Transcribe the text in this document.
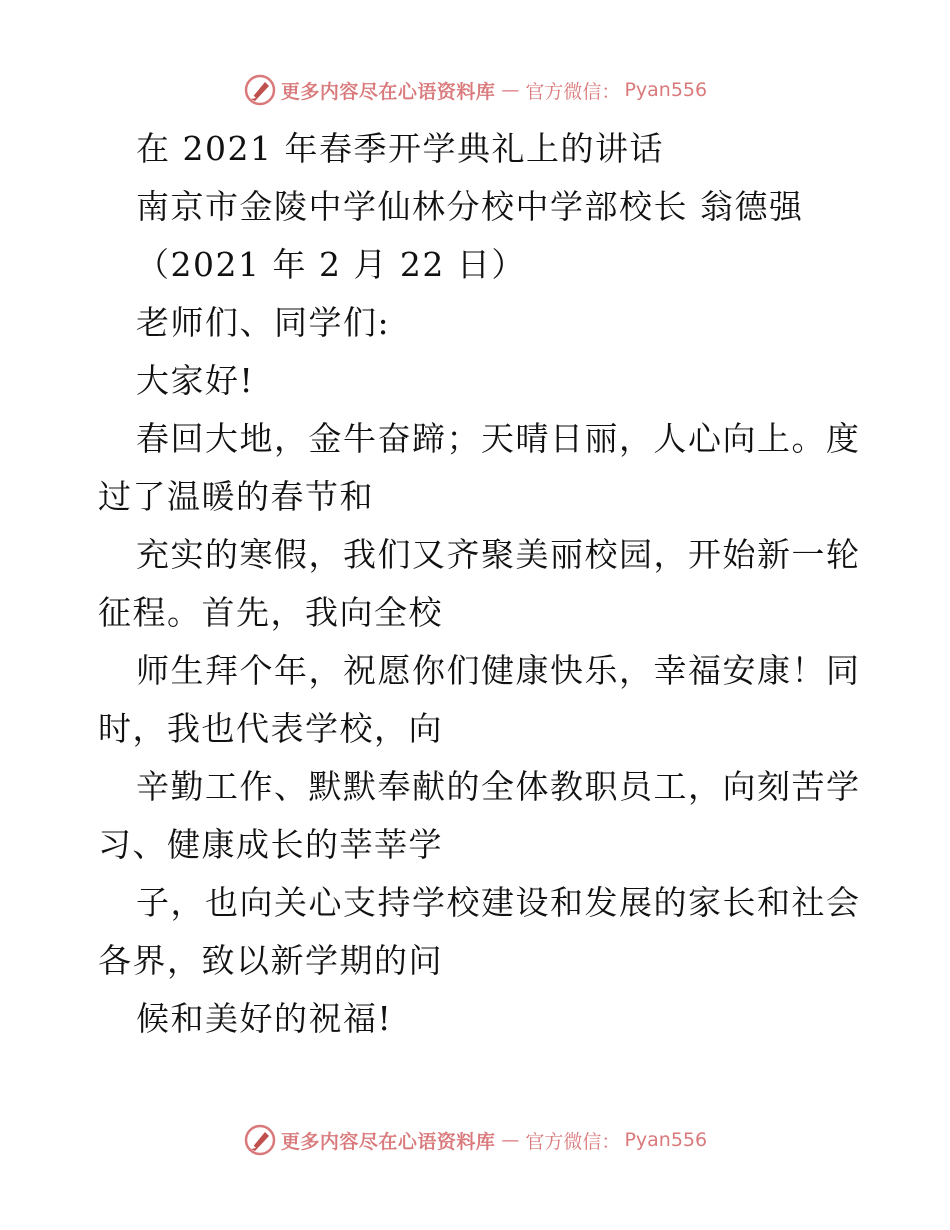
更多内容尽在心语资料库 — 官方微信： Pyan556
在 2021 年春季开学典礼上的讲话
南京市金陵中学仙林分校中学部校长 翁德强
（2021 年 2 月 22 日）
老师们、同学们:
大家好!
春回大地，金牛奋蹄；天晴日丽，人心向上。度
过了温暖的春节和
充实的寒假，我们又齐聚美丽校园，开始新一轮
征程。首先，我向全校
师生拜个年，祝愿你们健康快乐，幸福安康！同
时，我也代表学校，向
辛勤工作、默默奉献的全体教职员工，向刻苦学
习、健康成长的莘莘学
子，也向关心支持学校建设和发展的家长和社会
各界，致以新学期的问
候和美好的祝福!
更多内容尽在心语资料库 — 官方微信： Pyan556
